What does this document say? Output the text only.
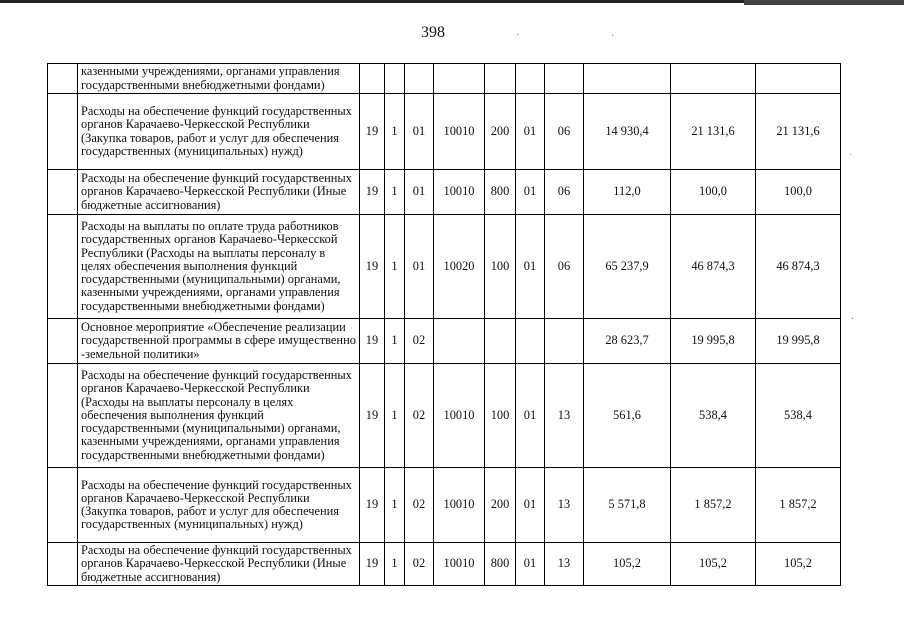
398	·	·
·
·
	казенными учреждениями, органами управления государственными внебюджетными фондами)										
	Расходы на обеспечение функций государственных органов Карачаево-Черкесской Республики (Закупка товаров, работ и услуг для обеспечения государственных (муниципальных) нужд)	19	1	01	10010	200	01	06	14 930,4	21 131,6	21 131,6
	Расходы на обеспечение функций государственных органов Карачаево-Черкесской Республики (Иные бюджетные ассигнования)	19	1	01	10010	800	01	06	112,0	100,0	100,0
	Расходы на выплаты по оплате труда работников государственных органов Карачаево-Черкесской Республики (Расходы на выплаты персоналу в целях обеспечения выполнения функций государственными (муниципальными) органами, казенными учреждениями, органами управления государственными внебюджетными фондами)	19	1	01	10020	100	01	06	65 237,9	46 874,3	46 874,3
	Основное мероприятие «Обеспечение реализации государственной программы в сфере имущественно -земельной политики»	19	1	02					28 623,7	19 995,8	19 995,8
	Расходы на обеспечение функций государственных органов Карачаево-Черкесской Республики (Расходы на выплаты персоналу в целях обеспечения выполнения функций государственными (муниципальными) органами, казенными учреждениями, органами управления государственными внебюджетными фондами)	19	1	02	10010	100	01	13	561,6	538,4	538,4
	Расходы на обеспечение функций государственных органов Карачаево-Черкесской Республики (Закупка товаров, работ и услуг для обеспечения государственных (муниципальных) нужд)	19	1	02	10010	200	01	13	5 571,8	1 857,2	1 857,2
	Расходы на обеспечение функций государственных органов Карачаево-Черкесской Республики (Иные бюджетные ассигнования)	19	1	02	10010	800	01	13	105,2	105,2	105,2
